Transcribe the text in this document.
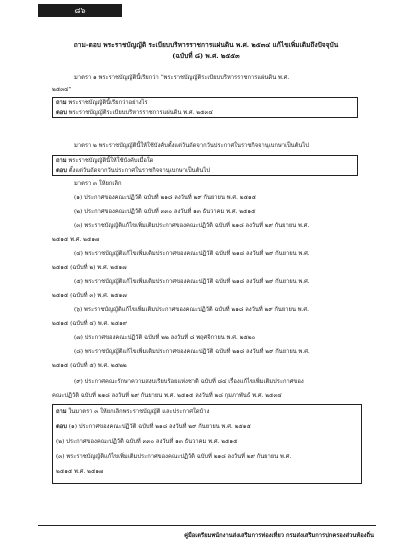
๘๖
ถาม-ตอบ พระราชบัญญัติ ระเบียบบริหารราชการแผ่นดิน พ.ศ. ๒๕๓๔ แก้ไขเพิ่มเติมถึงปัจจุบัน
(ฉบับที่ ๘) พ.ศ. ๒๕๕๓
มาตรา ๑ พระราชบัญญัตินี้เรียกว่า “พระราชบัญญัติระเบียบบริหารราชการแผ่นดิน พ.ศ.
๒๕๓๔”
ถาม พระราชบัญญัตินี้เรียกว่าอย่างไร
ตอบ พระราชบัญญัติระเบียบบริหารราชการแผ่นดิน พ.ศ. ๒๕๓๔
มาตรา ๒ พระราชบัญญัตินี้ให้ใช้บังคับตั้งแต่วันถัดจากวันประกาศในราชกิจจานุเบกษาเป็นต้นไป
ถาม พระราชบัญญัตินี้ให้ใช้บังคับเมื่อใด
ตอบ ตั้งแต่วันถัดจากวันประกาศในราชกิจจานุเบกษาเป็นต้นไป
มาตรา ๓ ให้ยกเลิก
(๑) ประกาศของคณะปฏิวัติ ฉบับที่ ๒๑๘ ลงวันที่ ๒๙ กันยายน พ.ศ. ๒๕๑๕
(๒) ประกาศของคณะปฏิวัติ ฉบับที่ ๓๓๐ ลงวันที่ ๑๓ ธันวาคม พ.ศ. ๒๕๑๕
(๓) พระราชบัญญัติแก้ไขเพิ่มเติมประกาศของคณะปฏิวัติ ฉบับที่ ๒๑๘ ลงวันที่ ๒๙ กันยายน พ.ศ.
๒๕๑๕ พ.ศ. ๒๕๑๗
(๔) พระราชบัญญัติแก้ไขเพิ่มเติมประกาศของคณะปฏิวัติ ฉบับที่ ๒๑๘ ลงวันที่ ๒๙ กันยายน พ.ศ.
๒๕๑๕ (ฉบับที่ ๒) พ.ศ. ๒๕๑๗
(๕) พระราชบัญญัติแก้ไขเพิ่มเติมประกาศของคณะปฏิวัติ ฉบับที่ ๒๑๘ ลงวันที่ ๒๙ กันยายน พ.ศ.
๒๕๑๕ (ฉบับที่ ๓) พ.ศ. ๒๕๑๗
(๖) พระราชบัญญัติแก้ไขเพิ่มเติมประกาศของคณะปฏิวัติ ฉบับที่ ๒๑๘ ลงวันที่ ๒๙ กันยายน พ.ศ.
๒๕๑๕ (ฉบับที่ ๔) พ.ศ. ๒๕๑๙
(๗) ประกาศของคณะปฏิวัติ ฉบับที่ ๒๒ ลงวันที่ ๘ พฤศจิกายน พ.ศ. ๒๕๒๐
(๘) พระราชบัญญัติแก้ไขเพิ่มเติมประกาศของคณะปฏิวัติ ฉบับที่ ๒๑๘ ลงวันที่ ๒๙ กันยายน พ.ศ.
๒๕๑๕ (ฉบับที่ ๕) พ.ศ. ๒๕๒๒
(๙) ประกาศคณะรักษาความสงบเรียบร้อยแห่งชาติ ฉบับที่ ๘๔ เรื่องแก้ไขเพิ่มเติมประกาศของ
คณะปฏิวัติ ฉบับที่ ๒๑๘ ลงวันที่ ๒๙ กันยายน พ.ศ. ๒๕๑๕ ลงวันที่ ๒๘ กุมภาพันธ์ พ.ศ. ๒๕๓๔
ถาม ในมาตรา ๓ ให้ยกเลิกพระราชบัญญัติ และประกาศใดบ้าง
ตอบ (๑) ประกาศของคณะปฏิวัติ ฉบับที่ ๒๑๘ ลงวันที่ ๒๙ กันยายน พ.ศ. ๒๕๑๕
(๒) ประกาศของคณะปฏิวัติ ฉบับที่ ๓๓๐ ลงวันที่ ๑๓ ธันวาคม พ.ศ. ๒๕๑๕
(๓) พระราชบัญญัติแก้ไขเพิ่มเติมประกาศของคณะปฏิวัติ ฉบับที่ ๒๑๘ ลงวันที่ ๒๙ กันยายน พ.ศ.
๒๕๑๕ พ.ศ. ๒๕๑๗
คู่มือเตรียมพนักงานส่งเสริมการท่องเที่ยว กรมส่งเสริมการปกครองส่วนท้องถิ่น
